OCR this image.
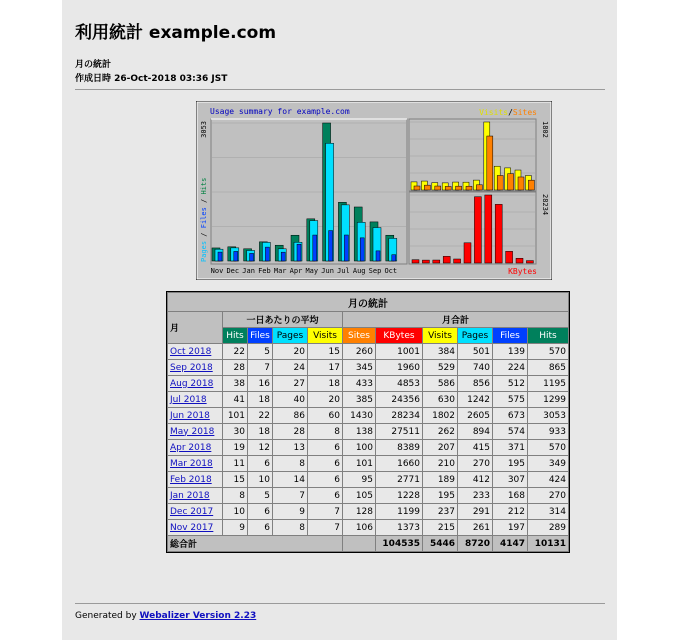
利用統計 example.com
月の統計
作成日時 26-Oct-2018 03:36 JST
Usage summary for example.com
3053
Pages / Files / Hits
Nov Dec Jan Feb Mar Apr May Jun Jul Aug Sep Oct
Visits/Sites
1802
28234
KBytes
月の統計										
月	一日あたりの平均				月合計					
	Hits	Files	Pages	Visits	Sites	KBytes	Visits	Pages	Files	Hits
Oct 2018	22	5	20	15	260	1001	384	501	139	570
Sep 2018	28	7	24	17	345	1960	529	740	224	865
Aug 2018	38	16	27	18	433	4853	586	856	512	1195
Jul 2018	41	18	40	20	385	24356	630	1242	575	1299
Jun 2018	101	22	86	60	1430	28234	1802	2605	673	3053
May 2018	30	18	28	8	138	27511	262	894	574	933
Apr 2018	19	12	13	6	100	8389	207	415	371	570
Mar 2018	11	6	8	6	101	1660	210	270	195	349
Feb 2018	15	10	14	6	95	2771	189	412	307	424
Jan 2018	8	5	7	6	105	1228	195	233	168	270
Dec 2017	10	6	9	7	128	1199	237	291	212	314
Nov 2017	9	6	8	7	106	1373	215	261	197	289
総合計						104535	5446	8720	4147	10131
Generated by Webalizer Version 2.23
